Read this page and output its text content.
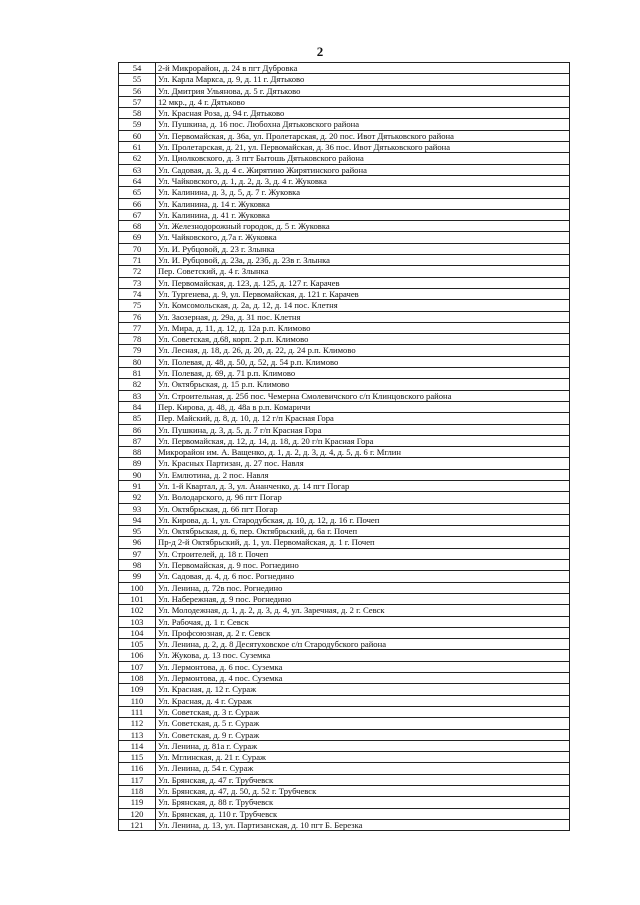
2
54	2-й Микрорайон, д. 24 в пгт Дубровка
55	Ул. Карла Маркса, д. 9, д. 11 г. Дятьково
56	Ул. Дмитрия Ульянова, д. 5 г. Дятьково
57	12 мкр., д. 4 г. Дятьково
58	Ул. Красная Роза, д. 94 г. Дятьково
59	Ул. Пушкина, д. 16 пос. Любохна Дятьковского района
60	Ул. Первомайская, д. 36а, ул. Пролетарская, д. 20 пос. Ивот Дятьковского района
61	Ул. Пролетарская, д. 21, ул. Первомайская, д. 36 пос. Ивот Дятьковского района
62	Ул. Циолковского, д. 3 пгт Бытошь Дятьковского района
63	Ул. Садовая, д. 3, д. 4 с. Жирятино Жирятинского района
64	Ул. Чайковского, д. 1, д. 2, д. 3, д. 4 г. Жуковка
65	Ул. Калинина, д. 3, д. 5, д. 7 г. Жуковка
66	Ул. Калинина, д. 14 г. Жуковка
67	Ул. Калинина, д. 41 г. Жуковка
68	Ул. Железнодорожный городок, д. 5 г. Жуковка
69	Ул. Чайковского, д.7а г. Жуковка
70	Ул. И. Рубцовой, д. 23 г. Злынка
71	Ул. И. Рубцовой, д. 23а, д. 23б, д. 23в г. Злынка
72	Пер. Советский, д. 4 г. Злынка
73	Ул. Первомайская, д. 123, д. 125, д. 127 г. Карачев
74	Ул. Тургенева, д. 9, ул. Первомайская, д. 121 г. Карачев
75	Ул. Комсомольская, д. 2а, д. 12, д. 14 пос. Клетня
76	Ул. Заозерная, д. 29а, д. 31 пос. Клетня
77	Ул. Мира, д. 11, д. 12, д. 12а р.п. Климово
78	Ул. Советская, д.68, корп. 2 р.п. Климово
79	Ул. Лесная, д. 18, д. 26, д. 20, д. 22, д. 24 р.п. Климово
80	Ул. Полевая, д. 48, д. 50, д. 52, д. 54 р.п. Климово
81	Ул. Полевая, д. 69, д. 71 р.п. Климово
82	Ул. Октябрьская, д. 15 р.п. Климово
83	Ул. Строительная, д. 25б пос. Чемерна Смолевичского с/п Клинцовского района
84	Пер. Кирова, д. 48, д. 48а в р.п. Комаричи
85	Пер. Майский, д. 8, д. 10, д. 12 г/п Красная Гора
86	Ул. Пушкина, д. 3, д. 5, д. 7 г/п Красная Гора
87	Ул. Первомайская, д. 12, д. 14, д. 18, д. 20 г/п Красная Гора
88	Микрорайон им. А. Ващенко, д. 1, д. 2, д. 3, д. 4, д. 5, д. 6 г. Мглин
89	Ул. Красных Партизан, д. 27 пос. Навля
90	Ул. Емлютина, д. 2 пос. Навля
91	Ул. 1-й Квартал, д. 3, ул. Ананченко, д. 14 пгт Погар
92	Ул. Володарского, д. 96 пгт Погар
93	Ул. Октябрьская, д. 66 пгт Погар
94	Ул. Кирова, д. 1, ул. Стародубская, д. 10, д. 12, д. 16 г. Почеп
95	Ул. Октябрьская, д. 6, пер. Октябрьский, д. 6а г. Почеп
96	Пр-д 2-й Октябрьский, д. 1, ул. Первомайская, д. 1 г. Почеп
97	Ул. Строителей, д. 18 г. Почеп
98	Ул. Первомайская, д. 9 пос. Рогнедино
99	Ул. Садовая, д. 4, д. 6 пос. Рогнедино
100	Ул. Ленина, д. 72в пос. Рогнедино
101	Ул. Набережная, д. 9 пос. Рогнедино
102	Ул. Молодежная, д. 1, д. 2, д. 3, д. 4, ул. Заречная, д. 2 г. Севск
103	Ул. Рабочая, д. 1 г. Севск
104	Ул. Профсоюзная, д. 2 г. Севск
105	Ул. Ленина, д. 2, д. 8 Десятуховское с/п Стародубского района
106	Ул. Жукова, д. 13 пос. Суземка
107	Ул. Лермонтова, д. 6 пос. Суземка
108	Ул. Лермонтова, д. 4 пос. Суземка
109	Ул. Красная, д. 12 г. Сураж
110	Ул. Красная, д. 4 г. Сураж
111	Ул. Советская, д. 3 г. Сураж
112	Ул. Советская, д. 5 г. Сураж
113	Ул. Советская, д. 9 г. Сураж
114	Ул. Ленина, д. 81а г. Сураж
115	Ул. Мглинская, д. 21 г. Сураж
116	Ул. Ленина, д. 54 г. Сураж
117	Ул. Брянская, д. 47 г. Трубчевск
118	Ул. Брянская, д. 47, д. 50, д. 52 г. Трубчевск
119	Ул. Брянская, д. 88 г. Трубчевск
120	Ул. Брянская, д. 110 г. Трубчевск
121	Ул. Ленина, д. 13, ул. Партизанская, д. 10 пгт Б. Березка
